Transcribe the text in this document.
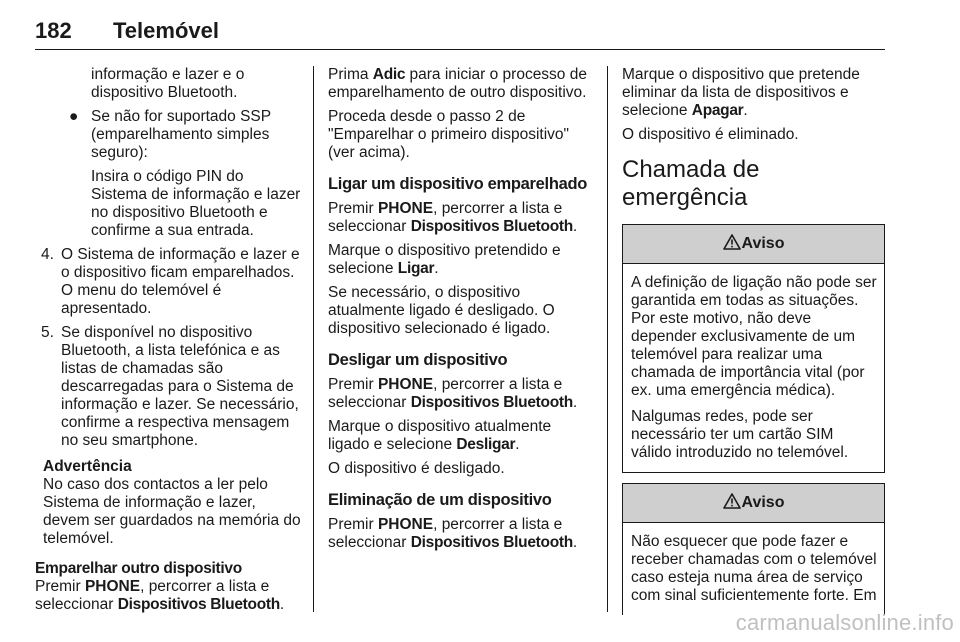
182 Telemóvel

informação e lazer e o dispositivo Bluetooth.

● Se não for suportado SSP (emparelhamento simples seguro):

Insira o código PIN do Sistema de informação e lazer no dispositivo Bluetooth e confirme a sua entrada.

4. O Sistema de informação e lazer e o dispositivo ficam emparelhados. O menu do telemóvel é apresentado.
5. Se disponível no dispositivo Bluetooth, a lista telefónica e as listas de chamadas são descarregadas para o Sistema de informação e lazer. Se necessário, confirme a respectiva mensagem no seu smartphone.
Advertência
No caso dos contactos a ler pelo Sistema de informação e lazer, devem ser guardados na memória do telemóvel.
Emparelhar outro dispositivo

Premir PHONE, percorrer a lista e seleccionar Dispositivos Bluetooth.

Prima Adic para iniciar o processo de emparelhamento de outro dispositivo.

Proceda desde o passo 2 de "Emparelhar o primeiro dispositivo" (ver acima).

Ligar um dispositivo emparelhado

Premir PHONE, percorrer a lista e seleccionar Dispositivos Bluetooth.

Marque o dispositivo pretendido e selecione Ligar.

Se necessário, o dispositivo atualmente ligado é desligado. O dispositivo selecionado é ligado.

Desligar um dispositivo

Premir PHONE, percorrer a lista e seleccionar Dispositivos Bluetooth.

Marque o dispositivo atualmente ligado e selecione Desligar.

O dispositivo é desligado.

Eliminação de um dispositivo

Premir PHONE, percorrer a lista e seleccionar Dispositivos Bluetooth.

Marque o dispositivo que pretende eliminar da lista de dispositivos e selecione Apagar.

O dispositivo é eliminado.

Chamada de emergência
Aviso

A definição de ligação não pode ser garantida em todas as situações. Por este motivo, não deve depender exclusivamente de um telemóvel para realizar uma chamada de importância vital (por ex. uma emergência médica).

Nalgumas redes, pode ser necessário ter um cartão SIM válido introduzido no telemóvel.

Aviso

Não esquecer que pode fazer e receber chamadas com o telemóvel caso esteja numa área de serviço com sinal suficientemente forte. Em

carmanualsonline.info
